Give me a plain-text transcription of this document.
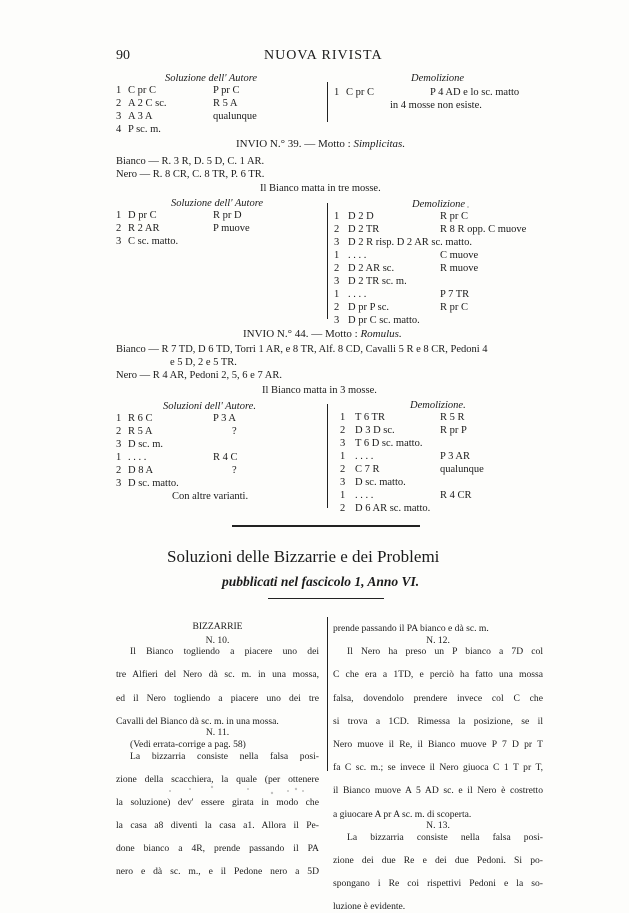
90	NUOVA RIVISTA
Soluzione dell' Autore	Demolizione
1 C pr C	P pr C
2 A 2 C sc.	R 5 A
3 A 3 A	qualunque
4 P sc. m.
1 C pr C	P 4 AD e lo sc. matto
in 4 mosse non esiste.
INVIO N.° 39. — Motto : Simplicitas.
Bianco — R. 3 R, D. 5 D, C. 1 AR.
Nero — R. 8 CR, C. 8 TR, P. 6 TR.
Il Bianco matta in tre mosse.
Soluzione dell' Autore	Demolizione
1 D pr C	R pr D
2 R 2 AR	P muove
3 C sc. matto.
1 D 2 D	R pr C
2 D 2 TR	R 8 R opp. C muove
3 D 2 R risp. D 2 AR sc. matto.
1 . . . .	C muove
2 D 2 AR sc.	R muove
3 D 2 TR sc. m.
1 . . . .	P 7 TR
2 D pr P sc.	R pr C
3 D pr C sc. matto.
INVIO N.° 44. — Motto : Romulus.
Bianco — R 7 TD, D 6 TD, Torri 1 AR, e 8 TR, Alf. 8 CD, Cavalli 5 R e 8 CR, Pedoni 4
e 5 D, 2 e 5 TR.
Nero — R 4 AR, Pedoni 2, 5, 6 e 7 AR.
Il Bianco matta in 3 mosse.
Soluzioni dell' Autore.	Demolizione.
1 R 6 C	P 3 A
2 R 5 A	?
3 D sc. m.
1 . . . .	R 4 C
2 D 8 A	?
3 D sc. matto.
Con altre varianti.
1 T 6 TR	R 5 R
2 D 3 D sc.	R pr P
3 T 6 D sc. matto.
1 . . . .	P 3 AR
2 C 7 R	qualunque
3 D sc. matto.
1 . . . .	R 4 CR
2 D 6 AR sc. matto.
Soluzioni delle Bizzarrie e dei Problemi
pubblicati nel fascicolo 1, Anno VI.

BIZZARRIE

N. 10.

Il Bianco togliendo a piacere uno dei

tre Alfieri del Nero dà sc. m. in una mossa,

ed il Nero togliendo a piacere uno dei tre

Cavalli del Bianco dà sc. m. in una mossa.

N. 11.

(Vedi errata-corrige a pag. 58)

La bizzarria consiste nella falsa posi-

zione della scacchiera, la quale (per ottenere

la soluzione) dev' essere girata in modo che

la casa a8 diventi la casa a1. Allora il Pe-

done bianco a 4R, prende passando il PA

nero e dà sc. m., e il Pedone nero a 5D

prende passando il PA bianco e dà sc. m.

N. 12.

Il Nero ha preso un P bianco a 7D col

C che era a 1TD, e perciò ha fatto una mossa

falsa, dovendolo prendere invece col C che

si trova a 1CD. Rimessa la posizione, se il

Nero muove il Re, il Bianco muove P 7 D pr T

fa C sc. m.; se invece il Nero giuoca C 1 T pr T,

il Bianco muove A 5 AD sc. e il Nero è costretto

a giuocare A pr A sc. m. di scoperta.

N. 13.

La bizzarria consiste nella falsa posi-

zione dei due Re e dei due Pedoni. Si po-

spongano i Re coi rispettivi Pedoni e la so-

luzione è evidente.
